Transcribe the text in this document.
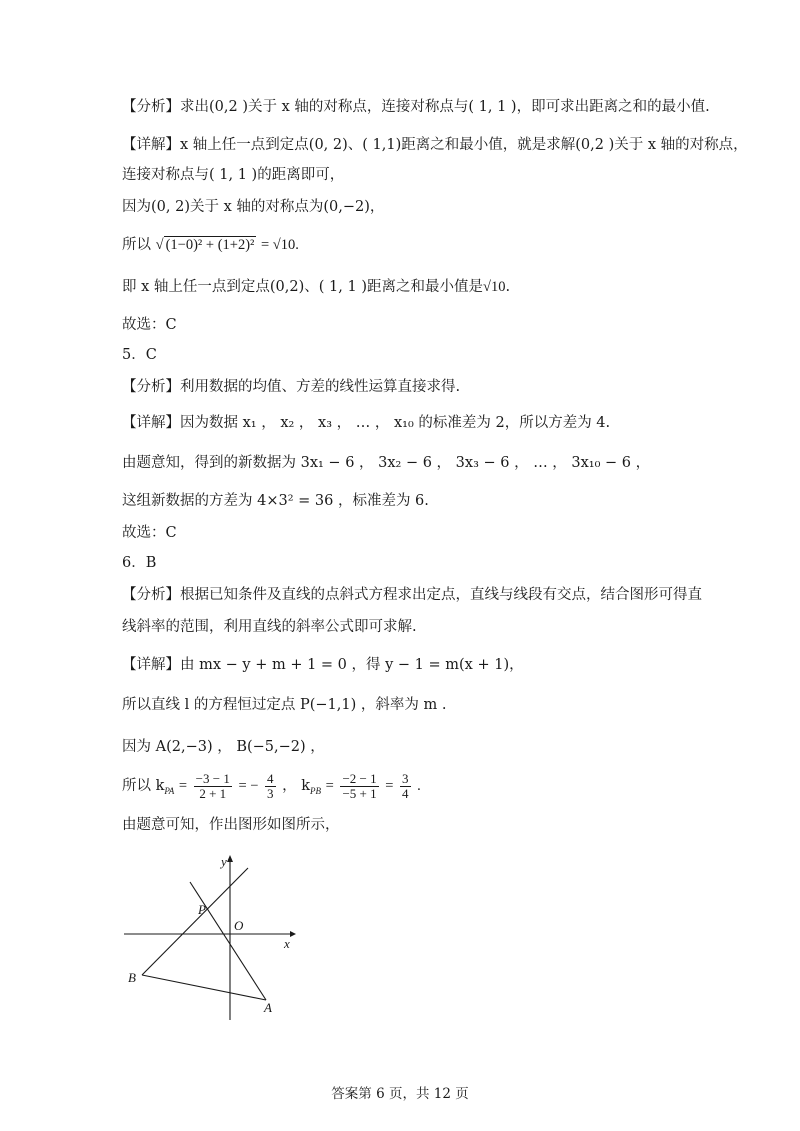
【分析】求出(0,2 )关于 x 轴的对称点，连接对称点与( 1, 1 )，即可求出距离之和的最小值.
【详解】x 轴上任一点到定点(0, 2)、( 1,1)距离之和最小值，就是求解(0,2 )关于 x 轴的对称点，
连接对称点与( 1, 1 )的距离即可，
因为(0, 2)关于 x 轴的对称点为(0,−2)，
所以 √ (1−0)² + (1+2)² = √10.
即 x 轴上任一点到定点(0,2)、( 1, 1 )距离之和最小值是√10.
故选：C
5．C
【分析】利用数据的均值、方差的线性运算直接求得.
【详解】因为数据 x₁ ， x₂ ， x₃ ， … ， x₁₀ 的标准差为 2，所以方差为 4.
由题意知，得到的新数据为 3x₁ − 6 ， 3x₂ − 6 ， 3x₃ − 6 ， … ， 3x₁₀ − 6 ，
这组新数据的方差为 4×3² = 36 ，标准差为 6.
故选：C
6．B
【分析】根据已知条件及直线的点斜式方程求出定点，直线与线段有交点，结合图形可得直
线斜率的范围，利用直线的斜率公式即可求解.
【详解】由 mx − y + m + 1 = 0 ，得 y − 1 = m(x + 1)，
所以直线 l 的方程恒过定点 P(−1,1) ，斜率为 m .
因为 A(2,−3) ， B(−5,−2) ，
所以 $k_{PA} = \frac{-3 - 1}{2 + 1}$ = − $\frac{4}{3}$ ， $k_{PB} = \frac{-2 - 1}{-5 + 1} = \frac{3}{4}$ .
由题意可知，作出图形如图所示，
y
x
O
P
B
A
答案第 6 页，共 12 页
